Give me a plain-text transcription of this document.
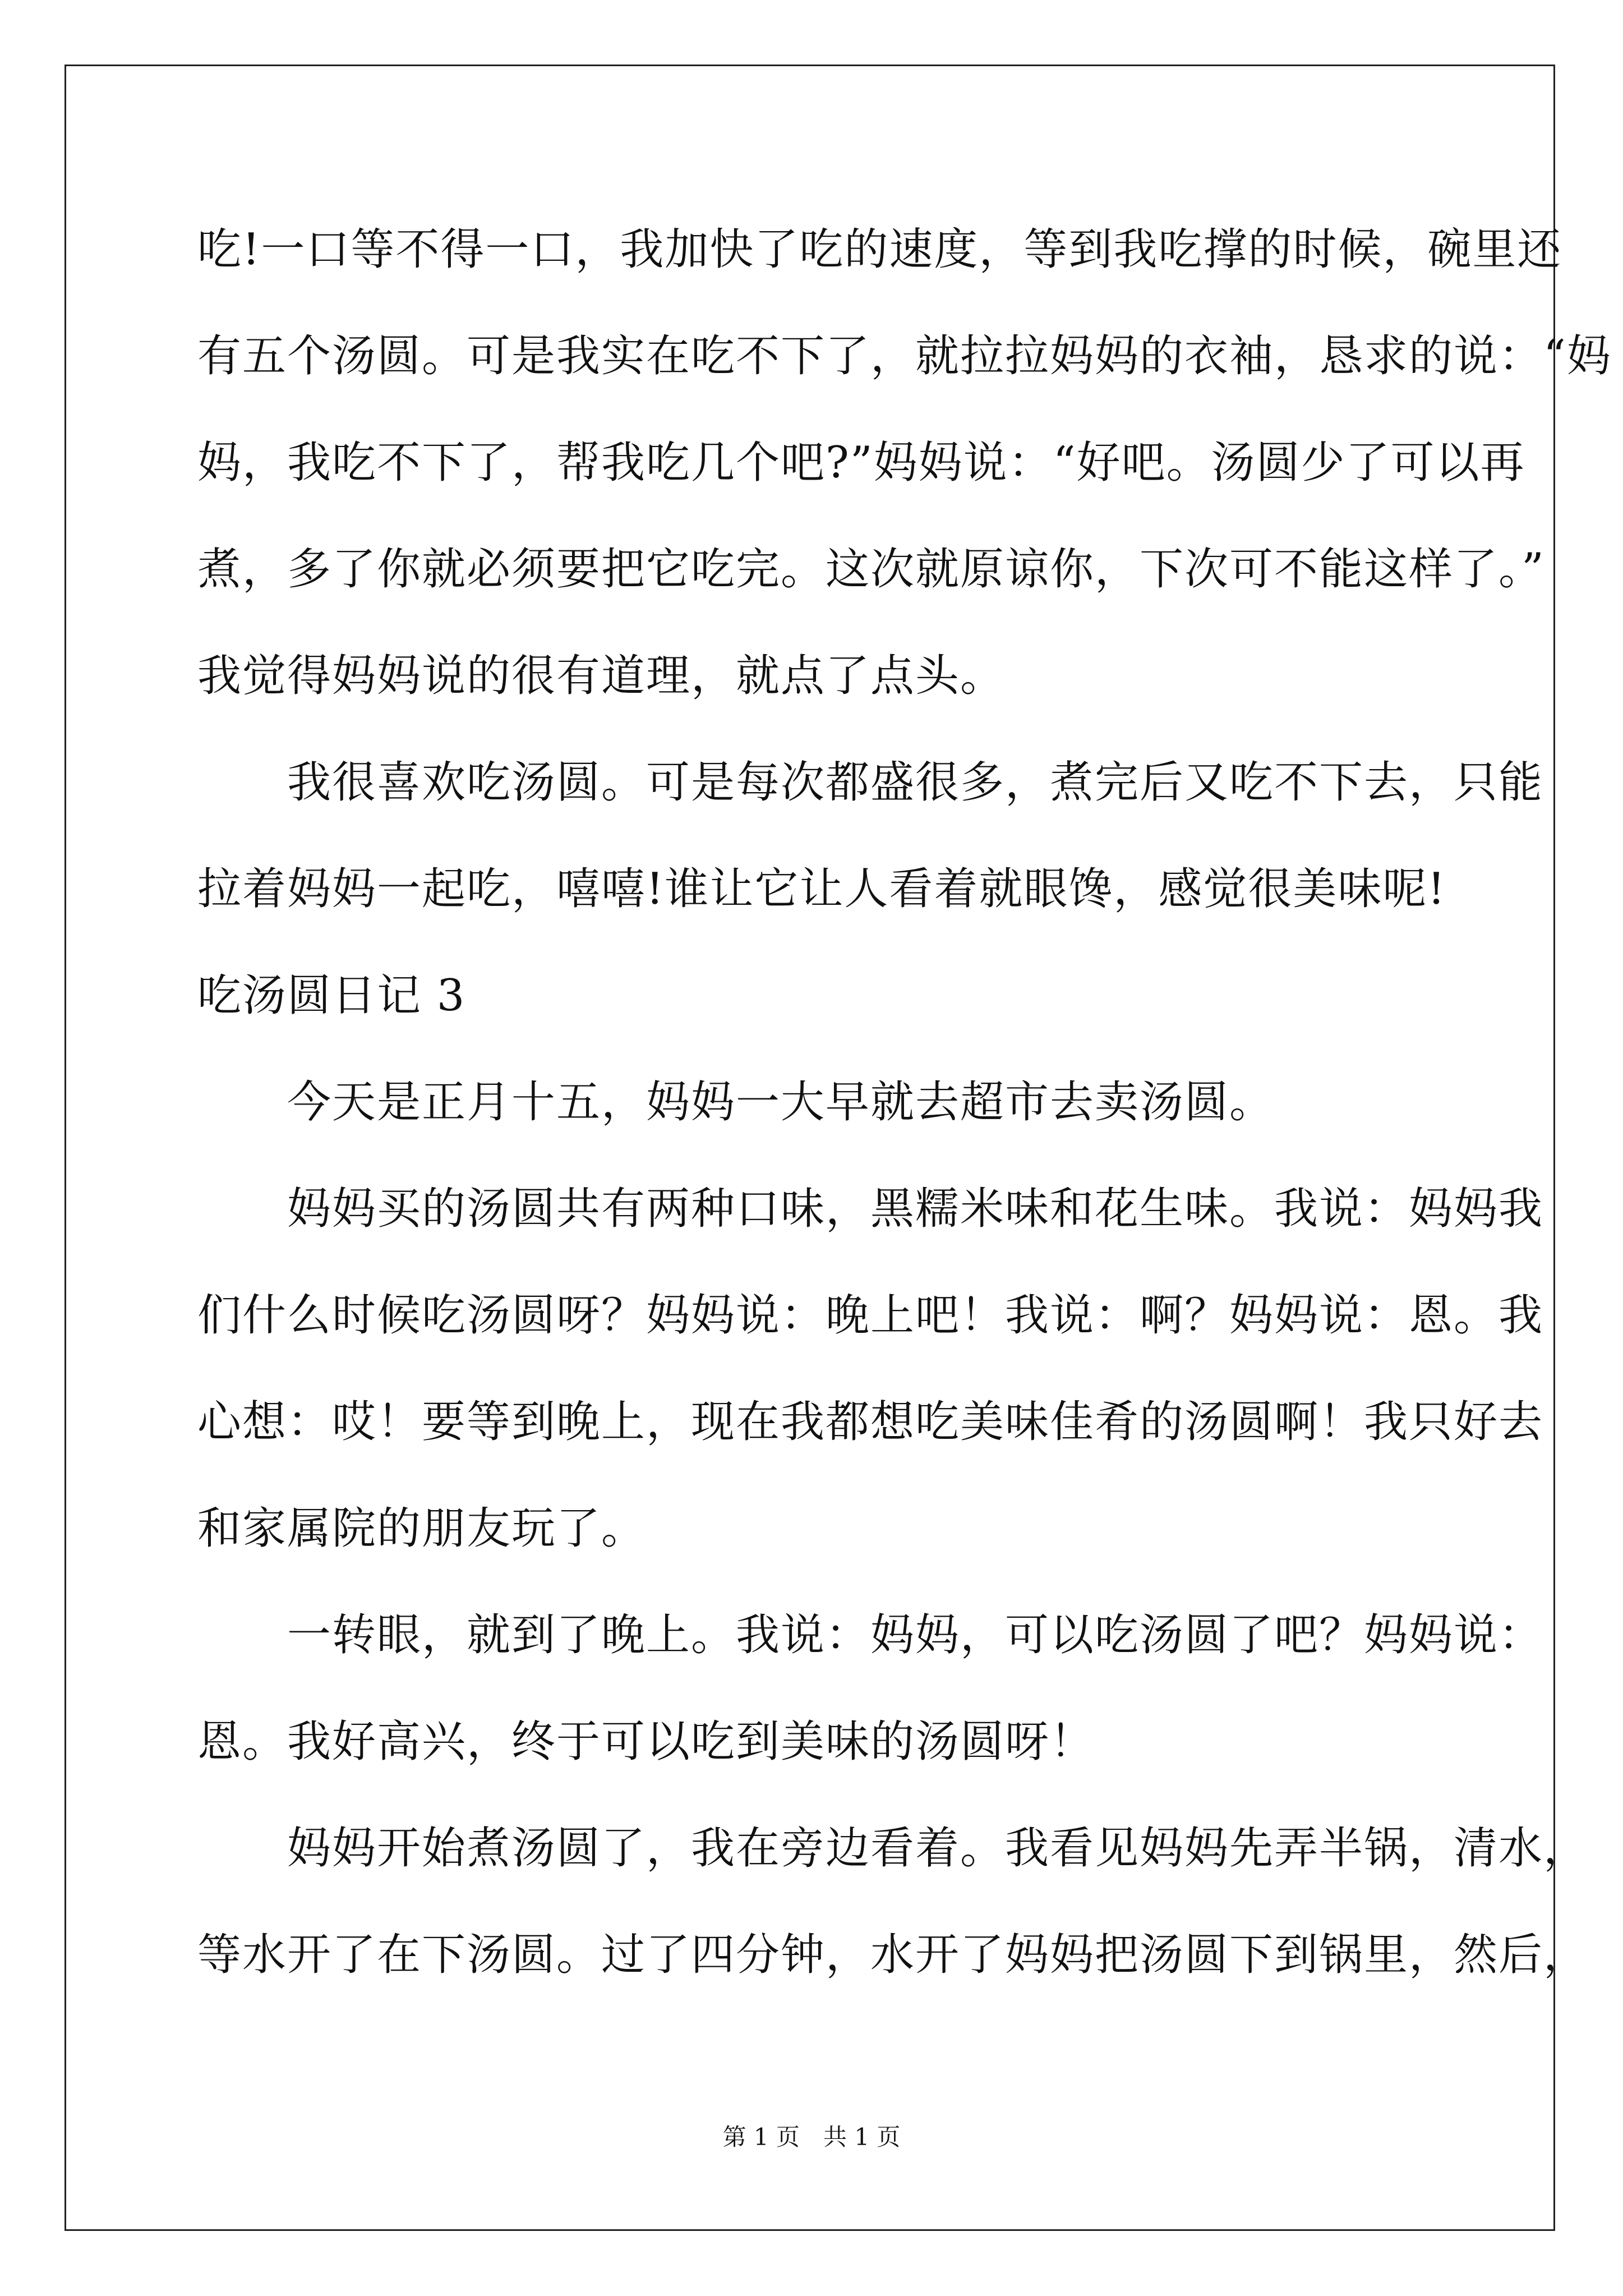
吃!一口等不得一口，我加快了吃的速度，等到我吃撑的时候，碗里还
有五个汤圆。可是我实在吃不下了，就拉拉妈妈的衣袖，恳求的说：“妈
妈，我吃不下了，帮我吃几个吧?”妈妈说：“好吧。汤圆少了可以再
煮，多了你就必须要把它吃完。这次就原谅你，下次可不能这样了。”
我觉得妈妈说的很有道理，就点了点头。
　　我很喜欢吃汤圆。可是每次都盛很多，煮完后又吃不下去，只能
拉着妈妈一起吃，嘻嘻!谁让它让人看着就眼馋，感觉很美味呢!
吃汤圆日记 3
　　今天是正月十五，妈妈一大早就去超市去卖汤圆。
　　妈妈买的汤圆共有两种口味，黑糯米味和花生味。我说：妈妈我
们什么时候吃汤圆呀？妈妈说：晚上吧！我说：啊？妈妈说：恩。我
心想：哎！要等到晚上，现在我都想吃美味佳肴的汤圆啊！我只好去
和家属院的朋友玩了。
　　一转眼，就到了晚上。我说：妈妈，可以吃汤圆了吧？妈妈说：
恩。我好高兴，终于可以吃到美味的汤圆呀！
　　妈妈开始煮汤圆了，我在旁边看着。我看见妈妈先弄半锅，清水，
等水开了在下汤圆。过了四分钟，水开了妈妈把汤圆下到锅里，然后，
第 1 页　共 1 页
